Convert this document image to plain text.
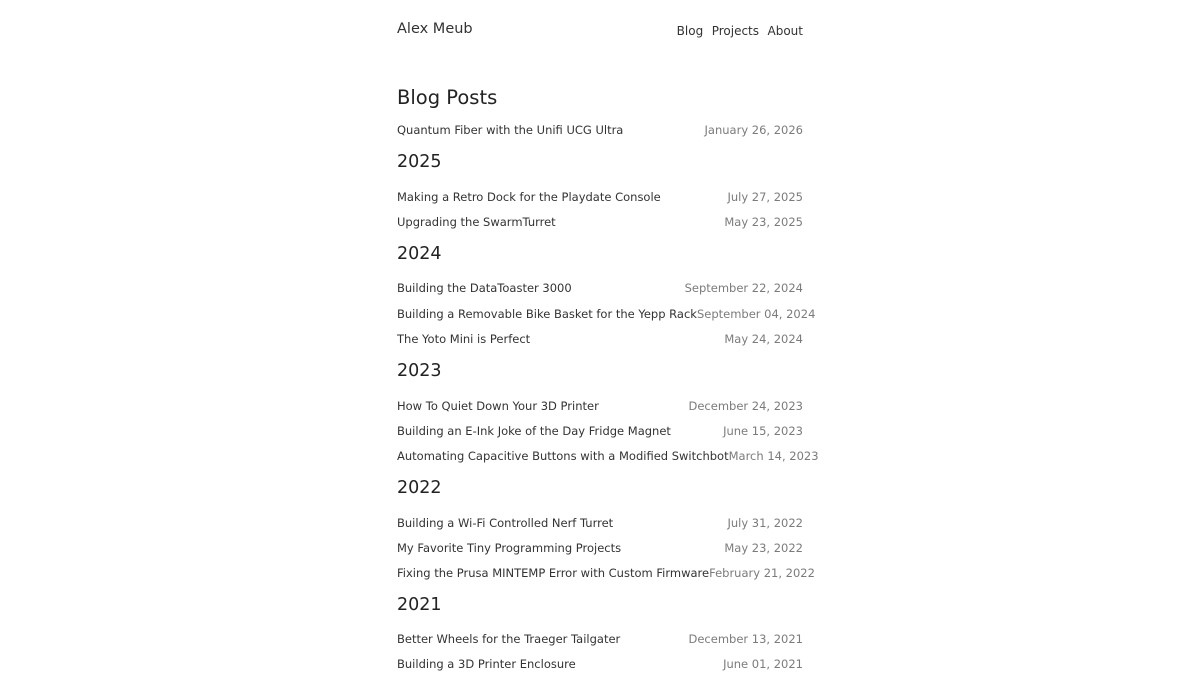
Alex Meub	Blog Projects About
Blog Posts
Quantum Fiber with the Unifi UCG Ultra	January 26, 2026
2025
Making a Retro Dock for the Playdate Console	July 27, 2025
Upgrading the SwarmTurret	May 23, 2025
2024
Building the DataToaster 3000	September 22, 2024
Building a Removable Bike Basket for the Yepp Rack September 04, 2024
The Yoto Mini is Perfect	May 24, 2024
2023
How To Quiet Down Your 3D Printer	December 24, 2023
Building an E-Ink Joke of the Day Fridge Magnet	June 15, 2023
Automating Capacitive Buttons with a Modified Switchbot March 14, 2023
2022
Building a Wi-Fi Controlled Nerf Turret	July 31, 2022
My Favorite Tiny Programming Projects	May 23, 2022
Fixing the Prusa MINTEMP Error with Custom Firmware February 21, 2022
2021
Better Wheels for the Traeger Tailgater	December 13, 2021
Building a 3D Printer Enclosure	June 01, 2021
